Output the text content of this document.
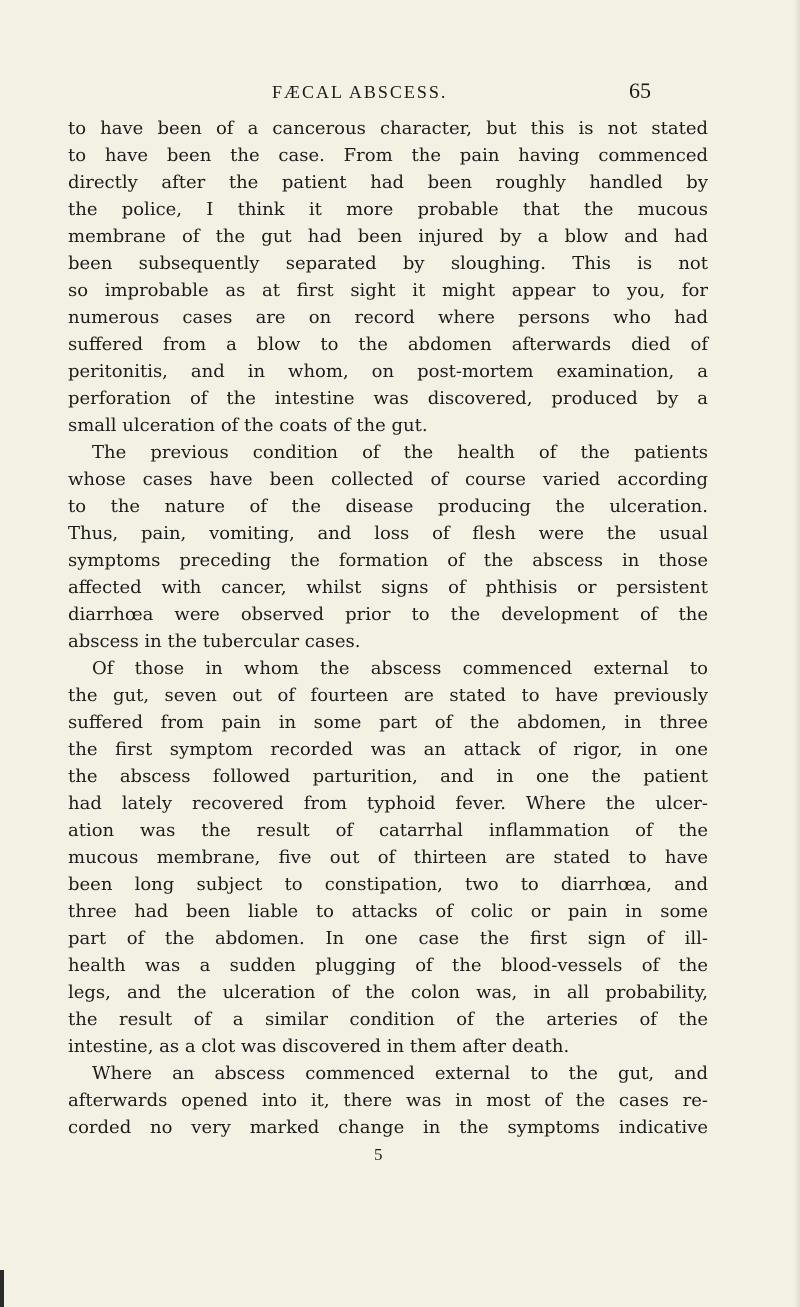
FÆCAL ABSCESS.	65
to have been of a cancerous character, but this is not stated
to have been the case. From the pain having commenced
directly after the patient had been roughly handled by
the police, I think it more probable that the mucous
membrane of the gut had been injured by a blow and had
been subsequently separated by sloughing. This is not
so improbable as at first sight it might appear to you, for
numerous cases are on record where persons who had
suffered from a blow to the abdomen afterwards died of
peritonitis, and in whom, on post-mortem examination, a
perforation of the intestine was discovered, produced by a
small ulceration of the coats of the gut.
The previous condition of the health of the patients
whose cases have been collected of course varied according
to the nature of the disease producing the ulceration.
Thus, pain, vomiting, and loss of flesh were the usual
symptoms preceding the formation of the abscess in those
affected with cancer, whilst signs of phthisis or persistent
diarrhœa were observed prior to the development of the
abscess in the tubercular cases.
Of those in whom the abscess commenced external to
the gut, seven out of fourteen are stated to have previously
suffered from pain in some part of the abdomen, in three
the first symptom recorded was an attack of rigor, in one
the abscess followed parturition, and in one the patient
had lately recovered from typhoid fever. Where the ulcer-
ation was the result of catarrhal inflammation of the
mucous membrane, five out of thirteen are stated to have
been long subject to constipation, two to diarrhœa, and
three had been liable to attacks of colic or pain in some
part of the abdomen. In one case the first sign of ill-
health was a sudden plugging of the blood-vessels of the
legs, and the ulceration of the colon was, in all probability,
the result of a similar condition of the arteries of the
intestine, as a clot was discovered in them after death.
Where an abscess commenced external to the gut, and
afterwards opened into it, there was in most of the cases re-
corded no very marked change in the symptoms indicative
5
